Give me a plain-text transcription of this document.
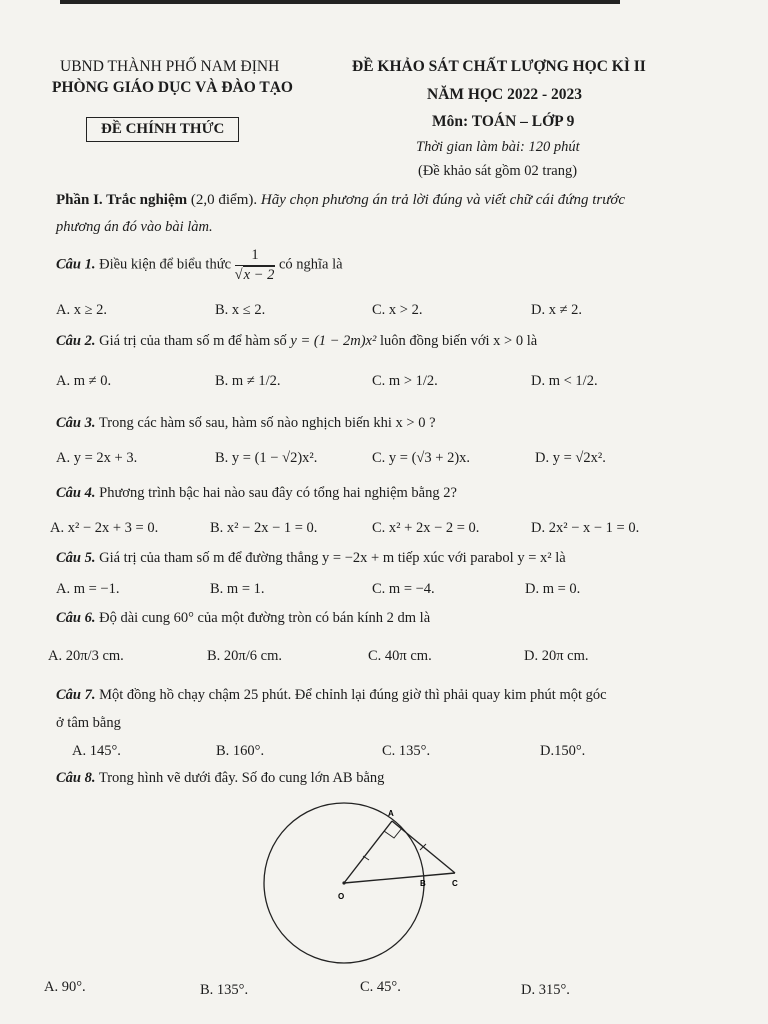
UBND THÀNH PHỐ NAM ĐỊNH
PHÒNG GIÁO DỤC VÀ ĐÀO TẠO
ĐỀ CHÍNH THỨC
ĐỀ KHẢO SÁT CHẤT LƯỢNG HỌC KÌ II
NĂM HỌC 2022 - 2023
Môn: TOÁN – LỚP 9
Thời gian làm bài: 120 phút
(Đề khảo sát gồm 02 trang)
Phần I. Trắc nghiệm (2,0 điểm). Hãy chọn phương án trả lời đúng và viết chữ cái đứng trước
phương án đó vào bài làm.
Câu 1. Điều kiện để biểu thức $\frac{1}{√x - 2}$ có nghĩa là
A. x ≥ 2.	B. x ≤ 2.	C. x > 2.	D. x ≠ 2.
Câu 2. Giá trị của tham số m để hàm số y = (1 − 2m)x² luôn đồng biến với x > 0 là
A. m ≠ 0.	B. m ≠ 1/2.	C. m > 1/2.	D. m < 1/2.
Câu 3. Trong các hàm số sau, hàm số nào nghịch biến khi x > 0 ?
A. y = 2x + 3.	B. y = (1 − √2)x².	C. y = (√3 + 2)x.	D. y = √2x².
Câu 4. Phương trình bậc hai nào sau đây có tổng hai nghiệm bằng 2?
A. x² − 2x + 3 = 0.	B. x² − 2x − 1 = 0.	C. x² + 2x − 2 = 0.	D. 2x² − x − 1 = 0.
Câu 5. Giá trị của tham số m để đường thẳng y = −2x + m tiếp xúc với parabol y = x² là
A. m = −1.	B. m = 1.	C. m = −4.	D. m = 0.
Câu 6. Độ dài cung 60° của một đường tròn có bán kính 2 dm là
A. 20π/3 cm.	B. 20π/6 cm.	C. 40π cm.	D. 20π cm.
Câu 7. Một đồng hồ chạy chậm 25 phút. Để chỉnh lại đúng giờ thì phải quay kim phút một góc
ở tâm bằng
A. 145°.	B. 160°.	C. 135°.	D.150°.
Câu 8. Trong hình vẽ dưới đây. Số đo cung lớn AB bằng
A
B	C
O
A. 90°.	B. 135°.	C. 45°.	D. 315°.
